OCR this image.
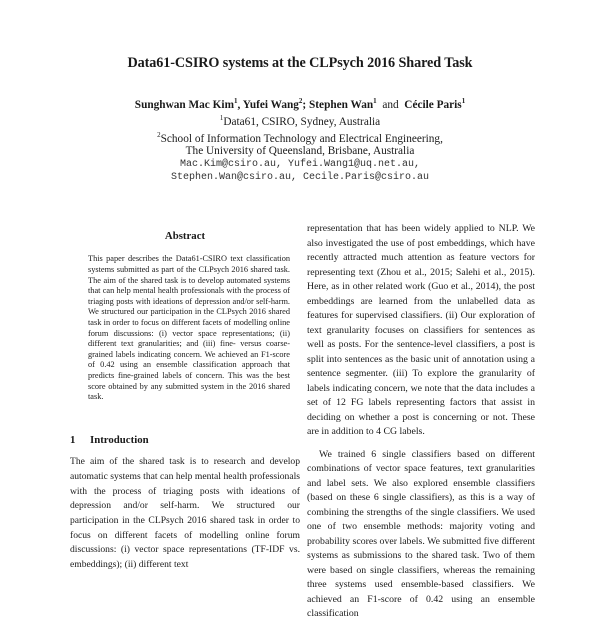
Data61-CSIRO systems at the CLPsych 2016 Shared Task
Sunghwan Mac Kim$^1$, Yufei Wang$^2$; Stephen Wan$^1$  and  Cécile Paris$^1$
$^1$Data61, CSIRO, Sydney, Australia
$^2$School of Information Technology and Electrical Engineering,
The University of Queensland, Brisbane, Australia
Mac.Kim@csiro.au, Yufei.Wang1@uq.net.au,
Stephen.Wan@csiro.au, Cecile.Paris@csiro.au
Abstract

This paper describes the Data61-CSIRO text classification systems submitted as part of the CLPsych 2016 shared task. The aim of the shared task is to develop automated systems that can help mental health professionals with the process of triaging posts with ideations of depression and/or self-harm. We structured our participation in the CLPsych 2016 shared task in order to focus on different facets of modelling online forum discussions: (i) vector space representations; (ii) different text granularities; and (iii) fine- versus coarse-grained labels indicating concern. We achieved an F1-score of 0.42 using an ensemble classification approach that predicts fine-grained labels of concern. This was the best score obtained by any submitted system in the 2016 shared task.

1 Introduction

The aim of the shared task is to research and develop automatic systems that can help mental health professionals with the process of triaging posts with ideations of depression and/or self-harm. We structured our participation in the CLPsych 2016 shared task in order to focus on different facets of modelling online forum discussions: (i) vector space representations (TF-IDF vs. embeddings); (ii) different text

representation that has been widely applied to NLP. We also investigated the use of post embeddings, which have recently attracted much attention as feature vectors for representing text (Zhou et al., 2015; Salehi et al., 2015). Here, as in other related work (Guo et al., 2014), the post embeddings are learned from the unlabelled data as features for supervised classifiers. (ii) Our exploration of text granularity focuses on classifiers for sentences as well as posts. For the sentence-level classifiers, a post is split into sentences as the basic unit of annotation using a sentence segmenter. (iii) To explore the granularity of labels indicating concern, we note that the data includes a set of 12 FG labels representing factors that assist in deciding on whether a post is concerning or not. These are in addition to 4 CG labels.

We trained 6 single classifiers based on different combinations of vector space features, text granularities and label sets. We also explored ensemble classifiers (based on these 6 single classifiers), as this is a way of combining the strengths of the single classifiers. We used one of two ensemble methods: majority voting and probability scores over labels. We submitted five different systems as submissions to the shared task. Two of them were based on single classifiers, whereas the remaining three systems used ensemble-based classifiers. We achieved an F1-score of 0.42 using an ensemble classification
